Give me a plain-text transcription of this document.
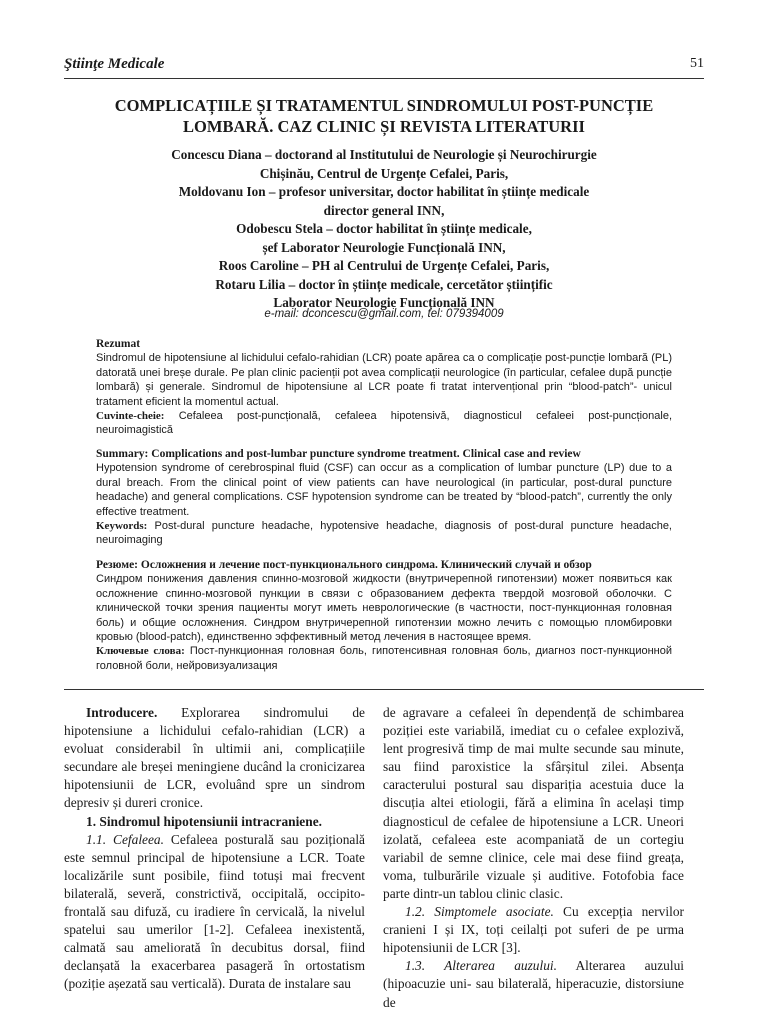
Ştiinţe Medicale	51
COMPLICAȚIILE ȘI TRATAMENTUL SINDROMULUI POST-PUNCȚIE
LOMBARĂ. CAZ CLINIC ȘI REVISTA LITERATURII
Concescu Diana – doctorand al Institutului de Neurologie și Neurochirurgie
Chișinău, Centrul de Urgențe Cefalei, Paris,
Moldovanu Ion – profesor universitar, doctor habilitat în științe medicale
director general INN,
Odobescu Stela – doctor habilitat în științe medicale,
șef Laborator Neurologie Funcțională INN,
Roos Caroline – PH al Centrului de Urgențe Cefalei, Paris,
Rotaru Lilia – doctor în științe medicale, cercetător științific
Laborator Neurologie Funcțională INN
e-mail: dconcescu@gmail.com, tel: 079394009

Rezumat

Sindromul de hipotensiune al lichidului cefalo-rahidian (LCR) poate apărea ca o complicație post-puncție lombară (PL) datorată unei breșe durale. Pe plan clinic pacienții pot avea complicații neurologice (în particular, cefalee după puncție lombară) și generale. Sindromul de hipotensiune al LCR poate fi tratat intervențional prin “blood-patch”- unicul tratament eficient la momentul actual.

Cuvinte-cheie: Cefaleea post-puncțională, cefaleea hipotensivă, diagnosticul cefaleei post-puncționale, neuroimagistică

Summary: Complications and post-lumbar puncture syndrome treatment. Clinical case and review

Hypotension syndrome of cerebrospinal fluid (CSF) can occur as a complication of lumbar puncture (LP) due to a dural breach. From the clinical point of view patients can have neurological (in particular, post-dural puncture headache) and general complications. CSF hypotension syndrome can be treated by “blood-patch”, currently the only effective treatment.

Keywords: Post-dural puncture headache, hypotensive headache, diagnosis of post-dural puncture headache, neuroimaging

Резюме: Осложнения и лечение пост-пункционального синдрома. Клинический случай и обзор

Синдром понижения давления спинно-мозговой жидкости (внутричерепной гипотензии) может появиться как осложнение спинно-мозговой пункции в связи с образованием дефекта твердой мозговой оболочки. С клинической точки зрения пациенты могут иметь неврологические (в частности, пост-пункционная головная боль) и общие осложнения. Синдром внутричерепной гипотензии можно лечить с помощью пломбировки кровью (blood-patch), единственно эффективный метод лечения в настоящее время.

Ключевые слова: Пост-пункционная головная боль, гипотенсивная головная боль, диагноз пост-пункционной головной боли, нейровизуализация

Introducere. Explorarea sindromului de hipotensiune a lichidului cefalo-rahidian (LCR) a evoluat considerabil în ultimii ani, complicațiile secundare ale breșei meningiene ducând la cronicizarea hipotensiunii de LCR, evoluând spre un sindrom depresiv și dureri cronice.

1. Sindromul hipotensiunii intracraniene.

1.1. Cefaleea. Cefaleea posturală sau pozițională este semnul principal de hipotensiune a LCR. Toate localizările sunt posibile, fiind totuși mai frecvent bilaterală, severă, constrictivă, occipitală, occipito-frontală sau difuză, cu iradiere în cervicală, la nivelul spatelui sau umerilor [1-2]. Cefaleea inexistentă, calmată sau ameliorată în decubitus dorsal, fiind declanșată la exacerbarea pasageră în ortostatism (poziție așezată sau verticală). Durata de instalare sau

de agravare a cefaleei în dependență de schimbarea poziției este variabilă, imediat cu o cefalee explozivă, lent progresivă timp de mai multe secunde sau minute, sau fiind paroxistice la sfârșitul zilei. Absența caracterului postural sau dispariția acestuia duce la discuția altei etiologii, fără a elimina în același timp diagnosticul de cefalee de hipotensiune a LCR. Uneori izolată, cefaleea este acompaniată de un cortegiu variabil de semne clinice, cele mai dese fiind greața, voma, tulburările vizuale și auditive. Fotofobia face parte dintr-un tablou clinic clasic.

1.2. Simptomele asociate. Cu excepția nervilor cranieni I și IX, toți ceilalți pot suferi de pe urma hipotensiunii de LCR [3].

1.3. Alterarea auzului. Alterarea auzului (hipoacuzie uni- sau bilaterală, hiperacuzie, distorsiune de
